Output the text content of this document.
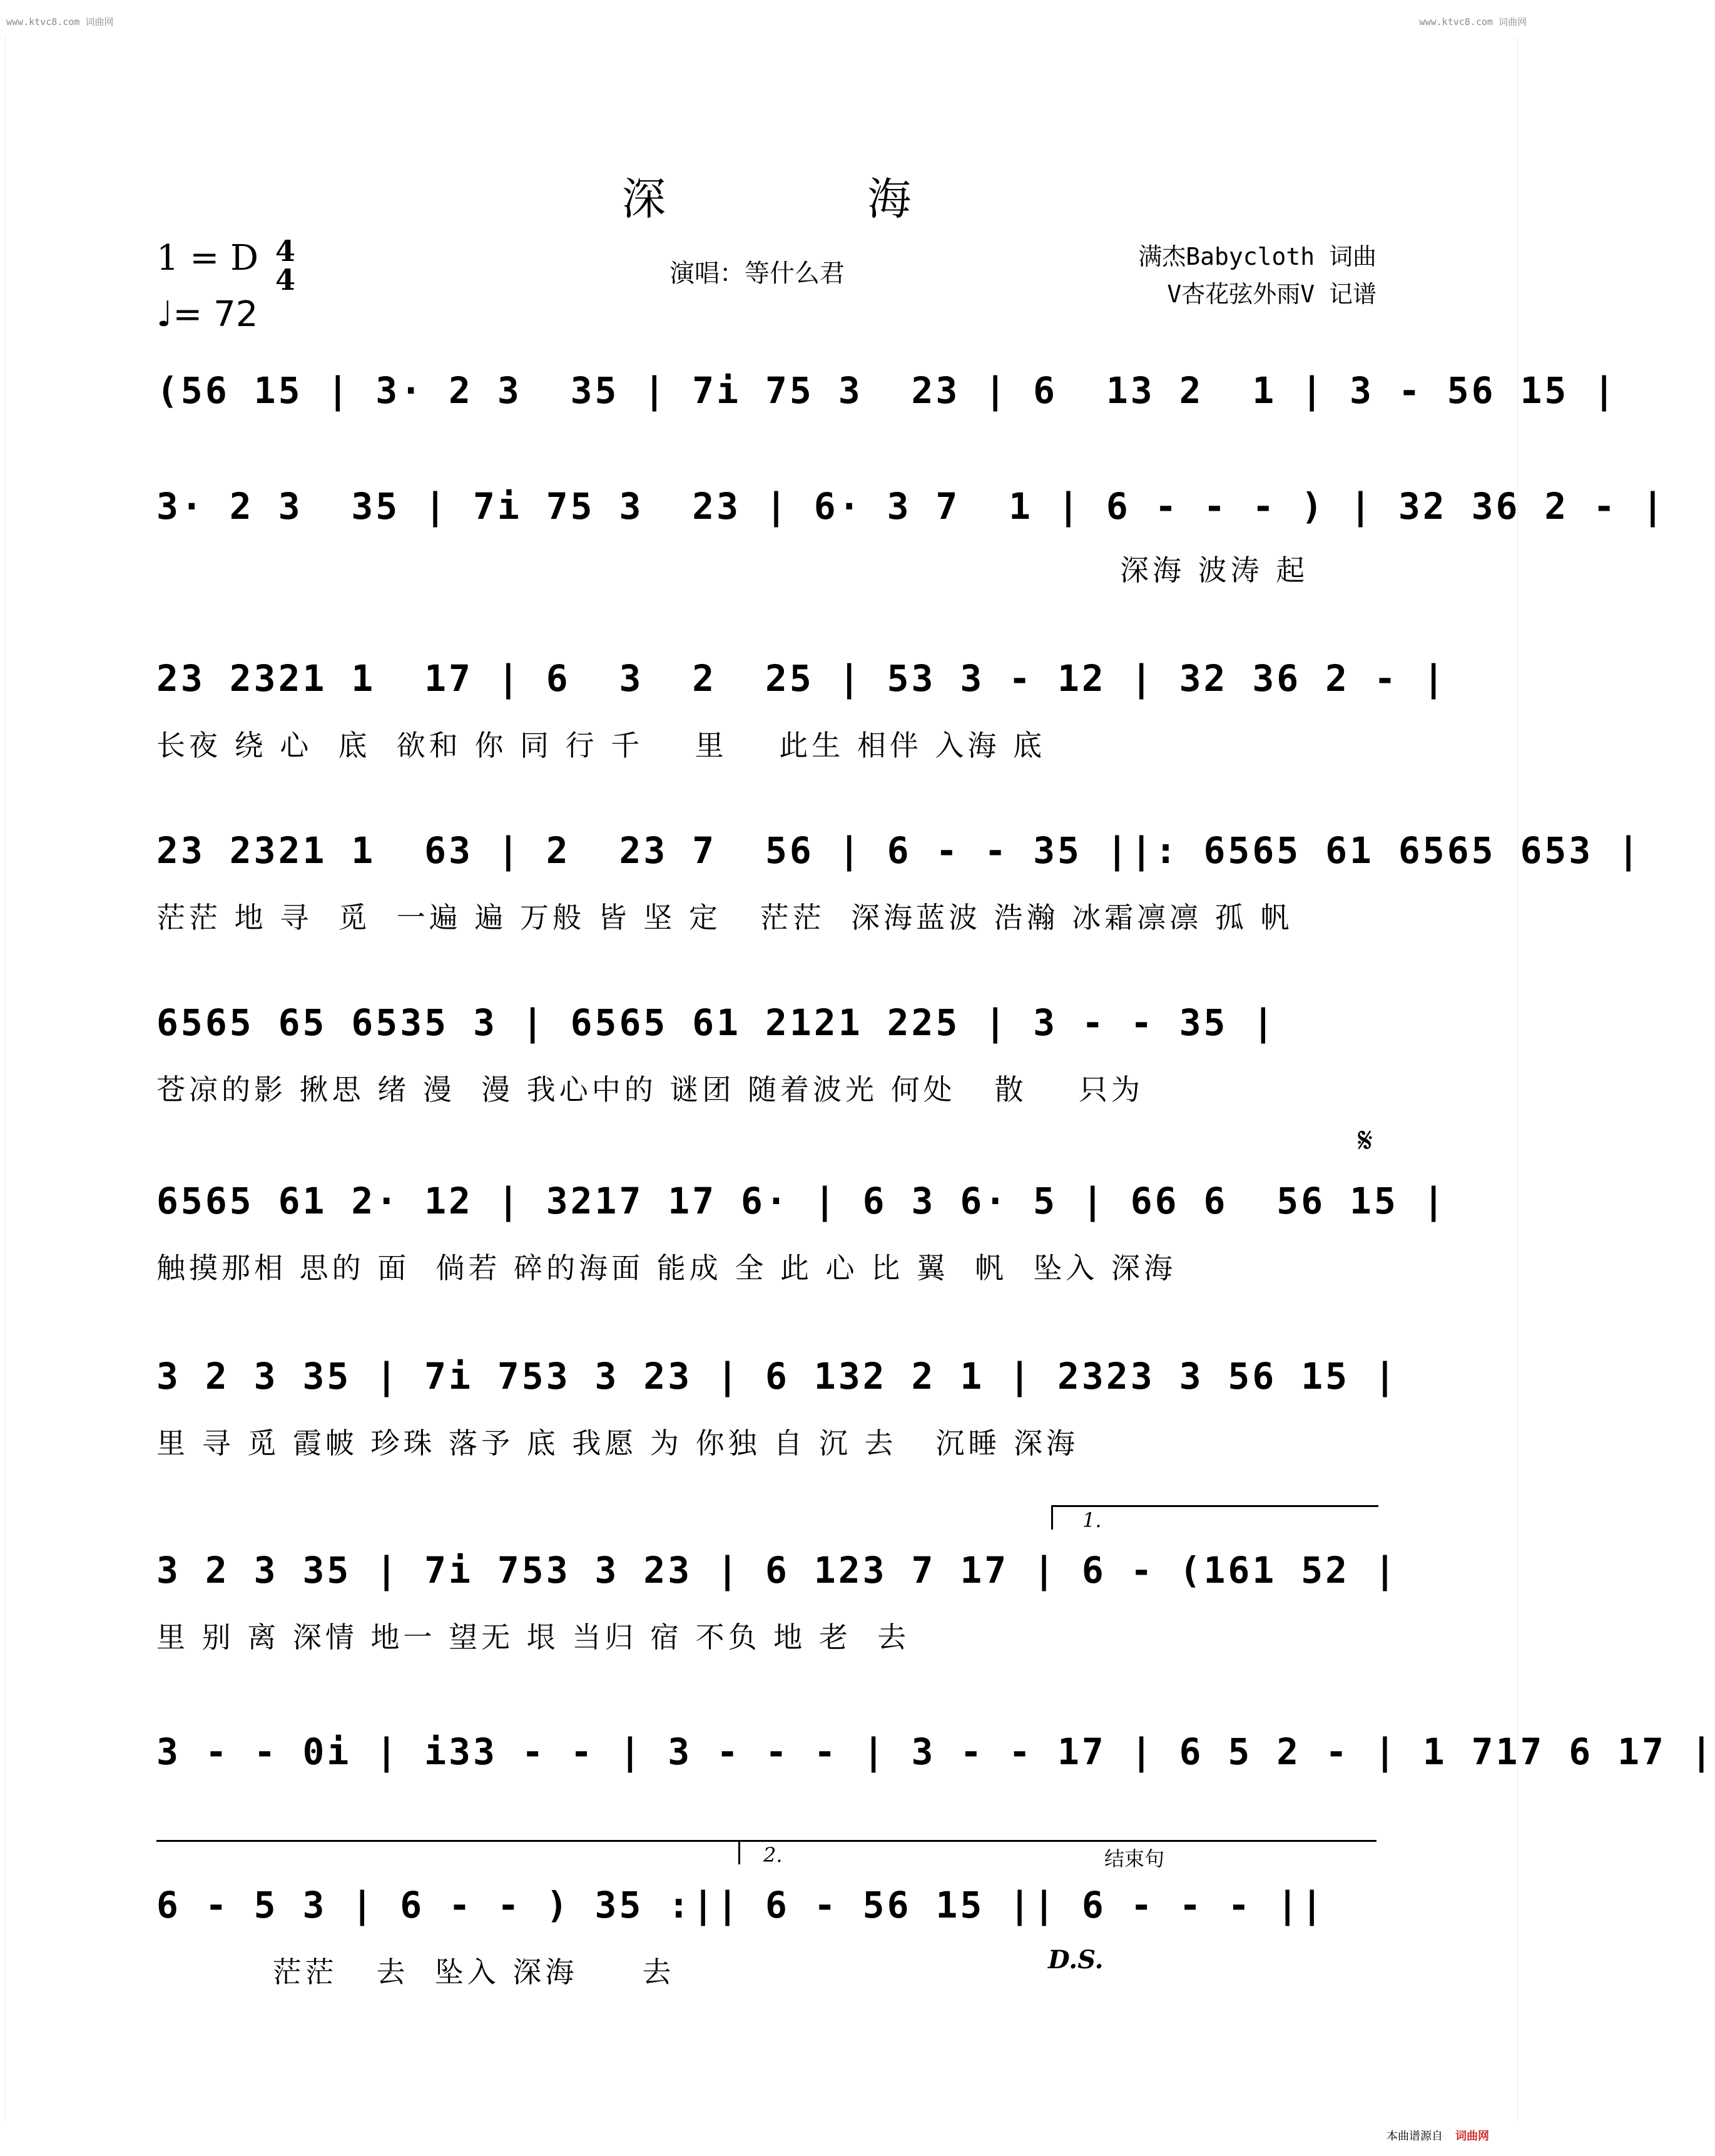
www.ktvc8.com 词曲网	www.ktvc8.com 词曲网
深 海
1 = D 4
4
♩= 72
演唱：等什么君
满杰Babycloth 词曲
V杏花弦外雨V 记谱
(56 15 | 3· 2 3  35 | 7i 75 3  23 | 6  13 2  1 | 3 - 56 15 |
3· 2 3  35 | 7i 75 3  23 | 6· 3 7  1 | 6 - - - ) | 32 36 2 - |
深海 波涛 起
23 2321 1  17 | 6  3  2  25 | 53 3 - 12 | 32 36 2 - |
长夜 绕 心  底  欲和 你 同 行 千    里    此生 相伴 入海 底
23 2321 1  63 | 2  23 7  56 | 6 - - 35 ||: 6565 61 6565 653 |
茫茫 地 寻  觅  一遍 遍 万般 皆 坚 定   茫茫  深海蓝波 浩瀚 冰霜凛凛 孤 帆
6565 65 6535 3 | 6565 61 2121 225 | 3 - - 35 |
苍凉的影 揪思 绪 漫  漫 我心中的 谜团 随着波光 何处   散    只为
𝄋
6565 61 2· 12 | 3217 17 6· | 6 3 6· 5 | 66 6  56 15 |
触摸那相 思的 面  倘若 碎的海面 能成 全 此 心 比 翼  帆  坠入 深海
3 2 3 35 | 7i 753 3 23 | 6 132 2 1 | 2323 3 56 15 |
里 寻 觅 霞帔 珍珠 落予 底 我愿 为 你独 自 沉 去   沉睡 深海
1.
3 2 3 35 | 7i 753 3 23 | 6 123 7 17 | 6 - (161 52 |
里 别 离 深情 地一 望无 垠 当归 宿 不负 地 老  去
3 - - 0i | i33 - - | 3 - - - | 3 - - 17 | 6 5 2 - | 1 717 6 17 |
2.	结束句
6 - 5 3 | 6 - - ) 35 :|| 6 - 56 15 || 6 - - - ||
茫茫   去  坠入 深海     去	D.S.
本曲谱源自 词曲网
